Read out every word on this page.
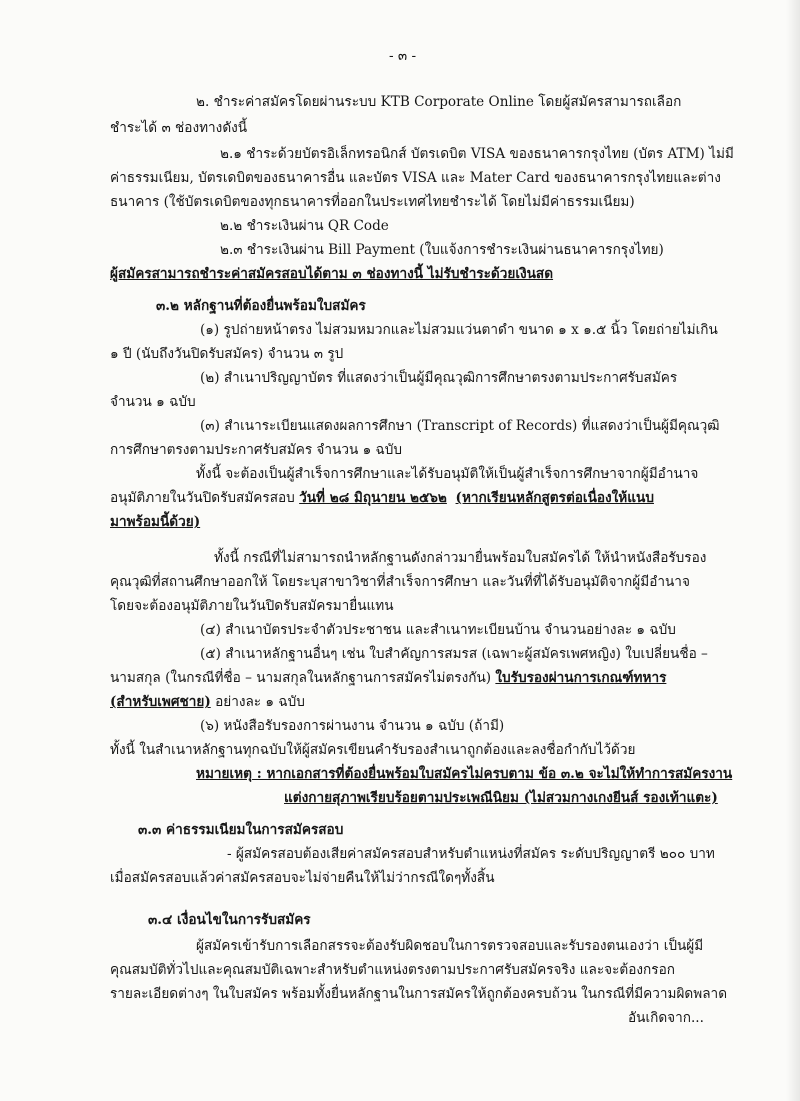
- ๓ -
๒. ชำระค่าสมัครโดยผ่านระบบ KTB Corporate Online โดยผู้สมัครสามารถเลือก
ชำระได้ ๓ ช่องทางดังนี้
๒.๑ ชำระด้วยบัตรอิเล็กทรอนิกส์ บัตรเดบิต VISA ของธนาคารกรุงไทย (บัตร ATM) ไม่มี
ค่าธรรมเนียม, บัตรเดบิตของธนาคารอื่น และบัตร VISA และ Mater Card ของธนาคารกรุงไทยและต่าง
ธนาคาร (ใช้บัตรเดบิตของทุกธนาคารที่ออกในประเทศไทยชำระได้ โดยไม่มีค่าธรรมเนียม)
๒.๒ ชำระเงินผ่าน QR Code
๒.๓ ชำระเงินผ่าน Bill Payment (ใบแจ้งการชำระเงินผ่านธนาคารกรุงไทย)
ผู้สมัครสามารถชำระค่าสมัครสอบได้ตาม ๓ ช่องทางนี้ ไม่รับชำระด้วยเงินสด
๓.๒ หลักฐานที่ต้องยื่นพร้อมใบสมัคร
(๑) รูปถ่ายหน้าตรง ไม่สวมหมวกและไม่สวมแว่นตาดำ ขนาด ๑ x ๑.๕ นิ้ว โดยถ่ายไม่เกิน
๑ ปี (นับถึงวันปิดรับสมัคร) จำนวน ๓ รูป
(๒) สำเนาปริญญาบัตร ที่แสดงว่าเป็นผู้มีคุณวุฒิการศึกษาตรงตามประกาศรับสมัคร
จำนวน ๑ ฉบับ
(๓) สำเนาระเบียนแสดงผลการศึกษา (Transcript of Records) ที่แสดงว่าเป็นผู้มีคุณวุฒิ
การศึกษาตรงตามประกาศรับสมัคร จำนวน ๑ ฉบับ
ทั้งนี้ จะต้องเป็นผู้สำเร็จการศึกษาและได้รับอนุมัติให้เป็นผู้สำเร็จการศึกษาจากผู้มีอำนาจ
อนุมัติภายในวันปิดรับสมัครสอบ วันที่ ๒๘ มิถุนายน ๒๕๖๒ (หากเรียนหลักสูตรต่อเนื่องให้แนบ
มาพร้อมนี้ด้วย)
ทั้งนี้ กรณีที่ไม่สามารถนำหลักฐานดังกล่าวมายื่นพร้อมใบสมัครได้ ให้นำหนังสือรับรอง
คุณวุฒิที่สถานศึกษาออกให้ โดยระบุสาขาวิชาที่สำเร็จการศึกษา และวันที่ที่ได้รับอนุมัติจากผู้มีอำนาจ
โดยจะต้องอนุมัติภายในวันปิดรับสมัครมายื่นแทน
(๔) สำเนาบัตรประจำตัวประชาชน และสำเนาทะเบียนบ้าน จำนวนอย่างละ ๑ ฉบับ
(๕) สำเนาหลักฐานอื่นๆ เช่น ใบสำคัญการสมรส (เฉพาะผู้สมัครเพศหญิง) ใบเปลี่ยนชื่อ –
นามสกุล (ในกรณีที่ชื่อ – นามสกุลในหลักฐานการสมัครไม่ตรงกัน) ใบรับรองผ่านการเกณฑ์ทหาร
(สำหรับเพศชาย) อย่างละ ๑ ฉบับ
(๖) หนังสือรับรองการผ่านงาน จำนวน ๑ ฉบับ (ถ้ามี)
ทั้งนี้ ในสำเนาหลักฐานทุกฉบับให้ผู้สมัครเขียนคำรับรองสำเนาถูกต้องและลงชื่อกำกับไว้ด้วย
หมายเหตุ : หากเอกสารที่ต้องยื่นพร้อมใบสมัครไม่ครบตาม ข้อ ๓.๒ จะไม่ให้ทำการสมัครงาน
แต่งกายสุภาพเรียบร้อยตามประเพณีนิยม (ไม่สวมกางเกงยีนส์ รองเท้าแตะ)
๓.๓ ค่าธรรมเนียมในการสมัครสอบ
- ผู้สมัครสอบต้องเสียค่าสมัครสอบสำหรับตำแหน่งที่สมัคร ระดับปริญญาตรี ๒๐๐ บาท
เมื่อสมัครสอบแล้วค่าสมัครสอบจะไม่จ่ายคืนให้ไม่ว่ากรณีใดๆทั้งสิ้น
๓.๔ เงื่อนไขในการรับสมัคร
ผู้สมัครเข้ารับการเลือกสรรจะต้องรับผิดชอบในการตรวจสอบและรับรองตนเองว่า เป็นผู้มี
คุณสมบัติทั่วไปและคุณสมบัติเฉพาะสำหรับตำแหน่งตรงตามประกาศรับสมัครจริง และจะต้องกรอก
รายละเอียดต่างๆ ในใบสมัคร พร้อมทั้งยื่นหลักฐานในการสมัครให้ถูกต้องครบถ้วน ในกรณีที่มีความผิดพลาด
อันเกิดจาก...
